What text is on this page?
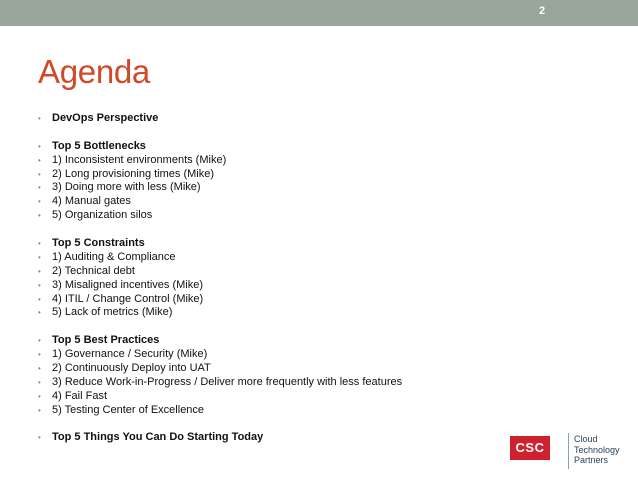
2
Agenda
• DevOps Perspective
• Top 5 Bottlenecks
• 1) Inconsistent environments (Mike)
• 2) Long provisioning times (Mike)
• 3) Doing more with less (Mike)
• 4) Manual gates
• 5) Organization silos
• Top 5 Constraints
• 1) Auditing & Compliance
• 2) Technical debt
• 3) Misaligned incentives (Mike)
• 4) ITIL / Change Control (Mike)
• 5) Lack of metrics (Mike)
• Top 5 Best Practices
• 1) Governance / Security (Mike)
• 2) Continuously Deploy into UAT
• 3) Reduce Work-in-Progress / Deliver more frequently with less features
• 4) Fail Fast
• 5) Testing Center of Excellence
• Top 5 Things You Can Do Starting Today
CSC
Cloud
Technology
Partners
